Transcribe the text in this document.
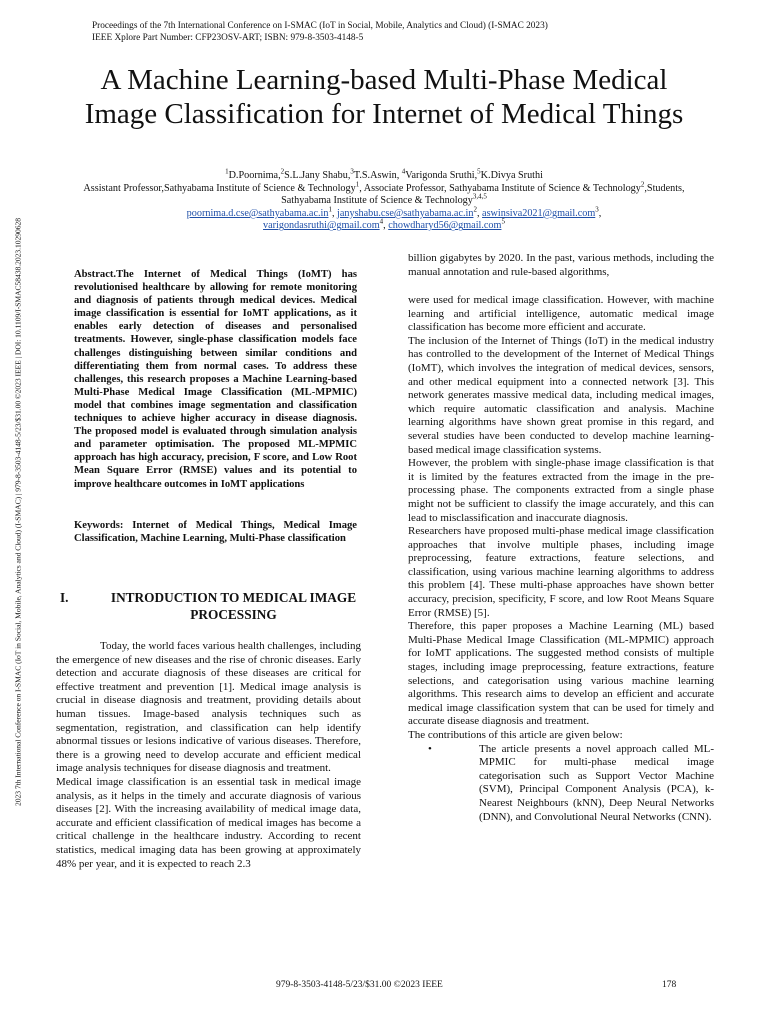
Proceedings of the 7th International Conference on I-SMAC (IoT in Social, Mobile, Analytics and Cloud) (I-SMAC 2023)
IEEE Xplore Part Number: CFP23OSV-ART; ISBN: 979-8-3503-4148-5
A Machine Learning-based Multi-Phase Medical
Image Classification for Internet of Medical Things
$^1$D.Poornima,$^2$S.L.Jany Shabu,$^3$T.S.Aswin, $^4$Varigonda Sruthi,$^5$K.Divya Sruthi
Assistant Professor,Sathyabama Institute of Science & Technology$^1$, Associate Professor, Sathyabama Institute of Science & Technology$^2$,Students, Sathyabama Institute of Science & Technology$^{3,4,5}$
$poornima.d.cse@sathyabama.ac.in^1$, $janyshabu.cse@sathyabama.ac.in^2$, aswinsiva2021@gmail.com$^3$,
varigondasruthi@gmail.com$^4$, chowdharyd56@gmail.com$^5$
2023 7th International Conference on I-SMAC (IoT in Social, Mobile, Analytics and Cloud) (I-SMAC) | 979-8-3503-4148-5/23/$31.00 ©2023 IEEE | DOI: 10.1109/I-SMAC58438.2023.10290628	Abstract.The Internet of Medical Things (IoMT) has revolutionised healthcare by allowing for remote monitoring and diagnosis of patients through medical devices. Medical image classification is essential for IoMT applications, as it enables early detection of diseases and personalised treatments. However, single-phase classification models face challenges distinguishing between similar conditions and differentiating them from normal cases. To address these challenges, this research proposes a Machine Learning-based Multi-Phase Medical Image Classification (ML-MPMIC) model that combines image segmentation and classification techniques to achieve higher accuracy in disease diagnosis. The proposed model is evaluated through simulation analysis and parameter optimisation. The proposed ML-MPMIC approach has high accuracy, precision, F score, and Low Root Mean Square Error (RMSE) values and its potential to improve healthcare outcomes in IoMT applications
Keywords: Internet of Medical Things, Medical Image Classification, Machine Learning, Multi-Phase classification
I.	INTRODUCTION TO MEDICAL IMAGE PROCESSING

Today, the world faces various health challenges, including the emergence of new diseases and the rise of chronic diseases. Early detection and accurate diagnosis of these diseases are critical for effective treatment and prevention [1]. Medical image analysis is crucial in disease diagnosis and treatment, providing details about human tissues. Image-based analysis techniques such as segmentation, registration, and classification can help identify abnormal tissues or lesions indicative of various diseases. Therefore, there is a growing need to develop accurate and efficient medical image analysis techniques for disease diagnosis and treatment.

Medical image classification is an essential task in medical image analysis, as it helps in the timely and accurate diagnosis of various diseases [2]. With the increasing availability of medical image data, accurate and efficient classification of medical images has become a critical challenge in the healthcare industry. According to recent statistics, medical imaging data has been growing at approximately 48% per year, and it is expected to reach 2.3

billion gigabytes by 2020. In the past, various methods, including the manual annotation and rule-based algorithms,

were used for medical image classification. However, with machine learning and artificial intelligence, automatic medical image classification has become more efficient and accurate.

The inclusion of the Internet of Things (IoT) in the medical industry has controlled to the development of the Internet of Medical Things (IoMT), which involves the integration of medical devices, sensors, and other medical equipment into a connected network [3]. This network generates massive medical data, including medical images, which require automatic classification and analysis. Machine learning algorithms have shown great promise in this regard, and several studies have been conducted to develop machine learning-based medical image classification systems.

However, the problem with single-phase image classification is that it is limited by the features extracted from the image in the pre-processing phase. The components extracted from a single phase might not be sufficient to classify the image accurately, and this can lead to misclassification and inaccurate diagnosis.

Researchers have proposed multi-phase medical image classification approaches that involve multiple phases, including image preprocessing, feature extractions, feature selections, and classification, using various machine learning algorithms to address this problem [4]. These multi-phase approaches have shown better accuracy, precision, specificity, F score, and low Root Means Square Error (RMSE) [5].

Therefore, this paper proposes a Machine Learning (ML) based Multi-Phase Medical Image Classification (ML-MPMIC) approach for IoMT applications. The suggested method consists of multiple stages, including image preprocessing, feature extractions, feature selections, and categorisation using various machine learning algorithms. This research aims to develop an efficient and accurate medical image classification system that can be used for timely and accurate disease diagnosis and treatment.

The contributions of this article are given below:

•	The article presents a novel approach called ML-MPMIC for multi-phase medical image categorisation such as Support Vector Machine (SVM), Principal Component Analysis (PCA), k-Nearest Neighbours (kNN), Deep Neural Networks (DNN), and Convolutional Neural Networks (CNN).
979-8-3503-4148-5/23/$31.00 ©2023 IEEE	178
